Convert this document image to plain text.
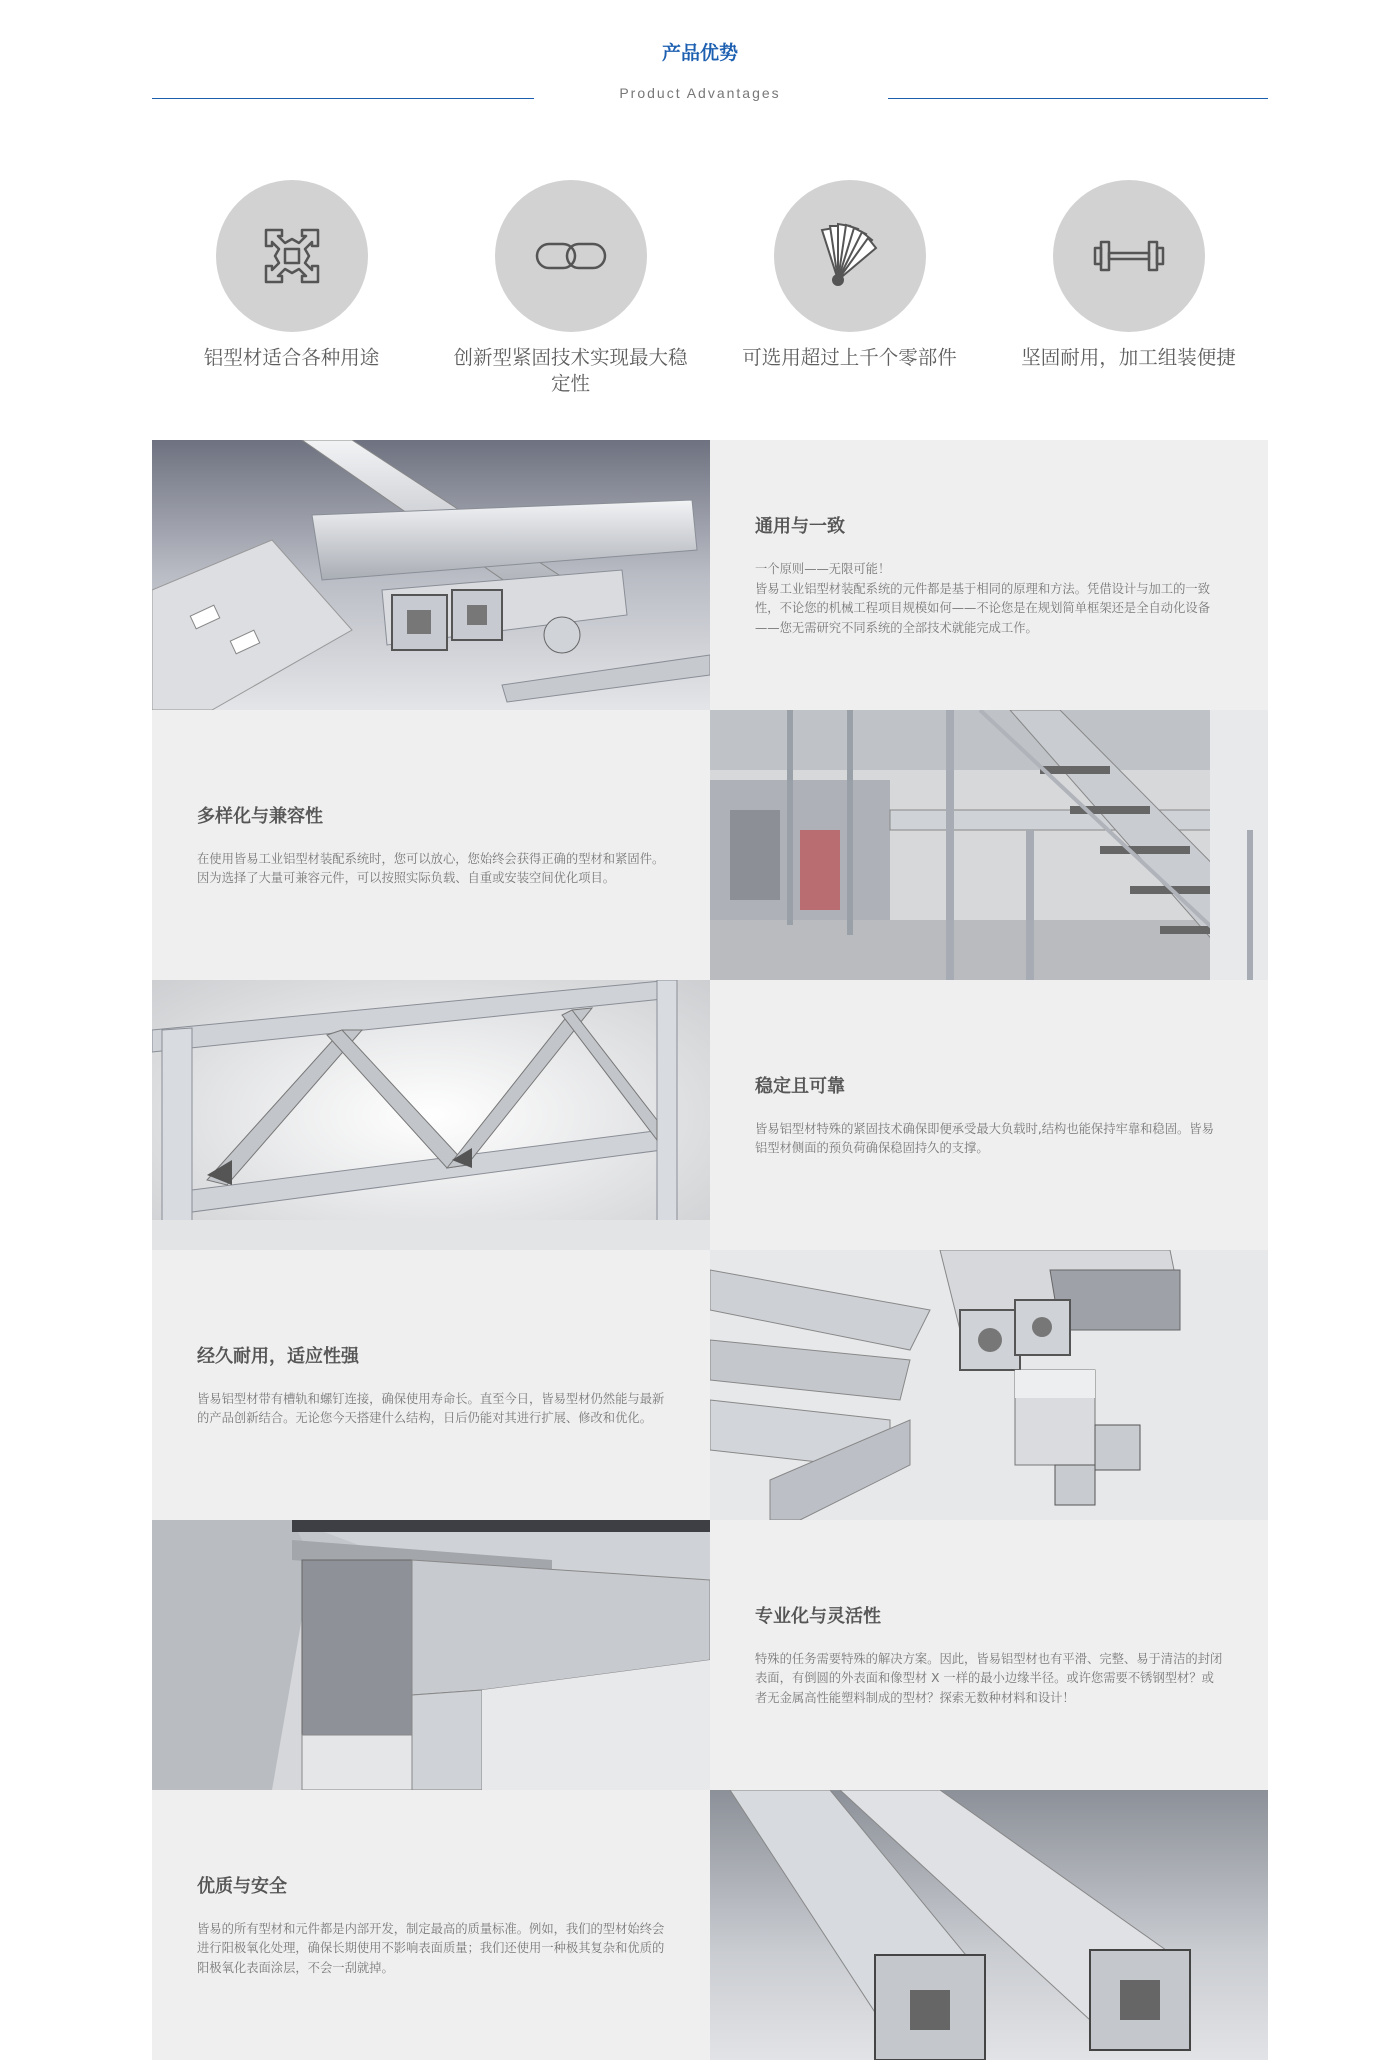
产品优势
Product Advantages
铝型材适合各种用途	创新型紧固技术实现最大稳定性
可选用超过上千个零部件	坚固耐用，加工组装便捷
通用与一致

一个原则——无限可能！
皆易工业铝型材装配系统的元件都是基于相同的原理和方法。凭借设计与加工的一致性，不论您的机械工程项目规模如何——不论您是在规划简单框架还是全自动化设备——您无需研究不同系统的全部技术就能完成工作。

多样化与兼容性

在使用皆易工业铝型材装配系统时，您可以放心，您始终会获得正确的型材和紧固件。因为选择了大量可兼容元件，可以按照实际负载、自重或安装空间优化项目。

稳定且可靠

皆易铝型材特殊的紧固技术确保即便承受最大负载时,结构也能保持牢靠和稳固。皆易铝型材侧面的预负荷确保稳固持久的支撑。

经久耐用，适应性强

皆易铝型材带有槽轨和螺钉连接，确保使用寿命长。直至今日，皆易型材仍然能与最新的产品创新结合。无论您今天搭建什么结构，日后仍能对其进行扩展、修改和优化。

专业化与灵活性

特殊的任务需要特殊的解决方案。因此，皆易铝型材也有平滑、完整、易于清洁的封闭表面，有倒圆的外表面和像型材 X 一样的最小边缘半径。或许您需要不锈钢型材？或者无金属高性能塑料制成的型材？探索无数种材料和设计！

优质与安全

皆易的所有型材和元件都是内部开发，制定最高的质量标准。例如，我们的型材始终会进行阳极氧化处理，确保长期使用不影响表面质量；我们还使用一种极其复杂和优质的阳极氧化表面涂层，不会一刮就掉。
